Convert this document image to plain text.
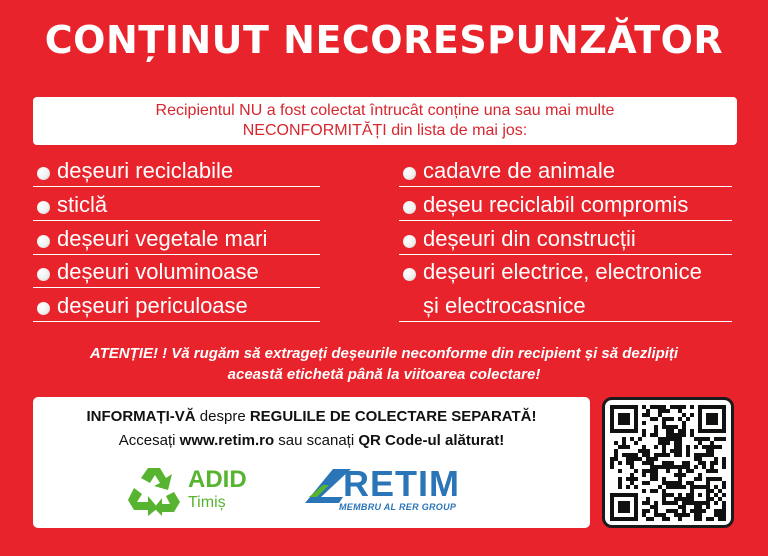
CONȚINUT NECORESPUNZĂTOR
Recipientul NU a fost colectat întrucât conține una sau mai multe
NECONFORMITĂȚI din lista de mai jos:
deșeuri reciclabile
sticlă
deșeuri vegetale mari
deșeuri voluminoase
deșeuri periculoase
cadavre de animale
deșeu reciclabil compromis
deșeuri din construcții
deșeuri electrice, electronice
și electrocasnice
ATENȚIE! ! Vă rugăm să extrageți deșeurile neconforme din recipient și să dezlipiți
această etichetă până la viitoarea colectare!
INFORMAȚI-VĂ despre REGULILE DE COLECTARE SEPARATĂ!
Accesați www.retim.ro sau scanați QR Code-ul alăturat!
ADID
Timiș	RETIM
MEMBRU AL RER GROUP
